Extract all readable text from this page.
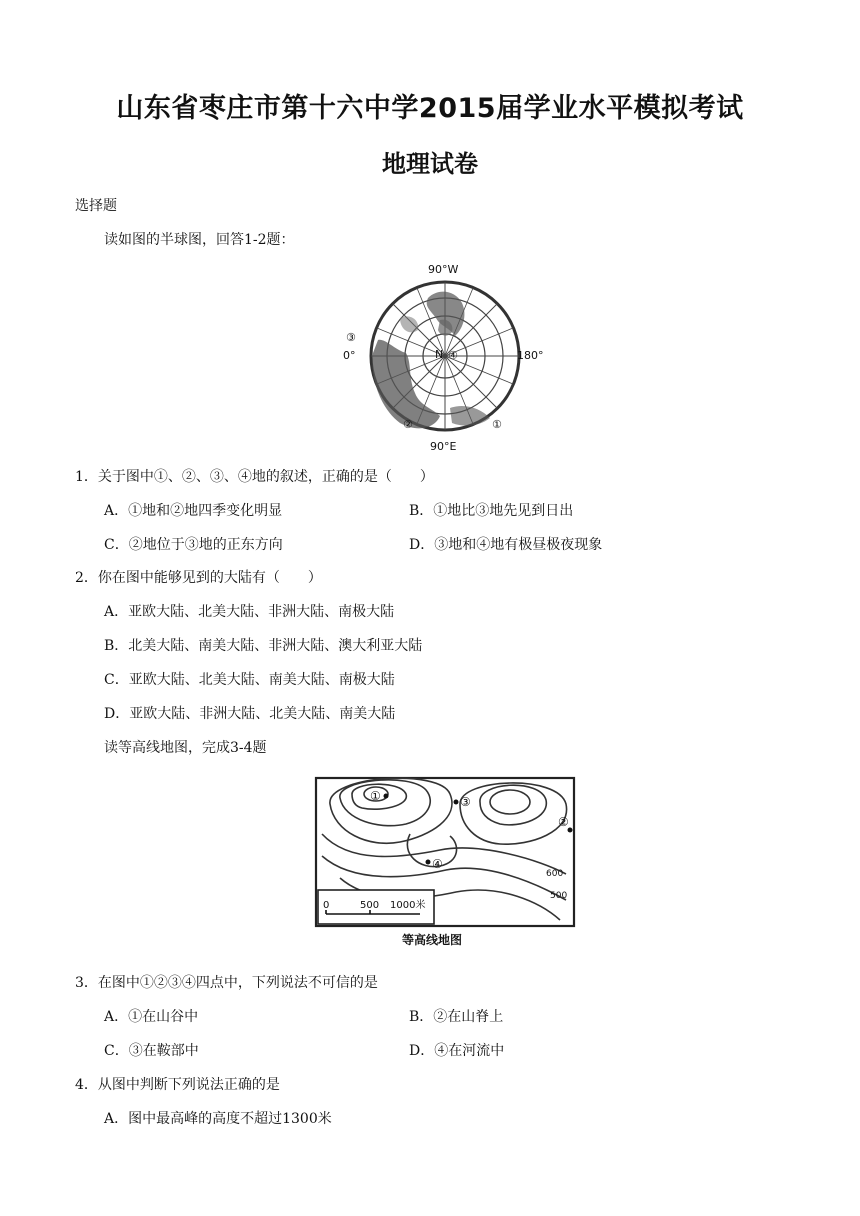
山东省枣庄市第十六中学2015届学业水平模拟考试
地理试卷
选择题
读如图的半球图，回答1-2题：
90°W
0°	180°
90°E
③
②	①
④
N
1．关于图中①、②、③、④地的叙述，正确的是（　　）
A．①地和②地四季变化明显	B．①地比③地先见到日出
C．②地位于③地的正东方向	D．③地和④地有极昼极夜现象
2．你在图中能够见到的大陆有（　　）
A．亚欧大陆、北美大陆、非洲大陆、南极大陆
B．北美大陆、南美大陆、非洲大陆、澳大利亚大陆
C．亚欧大陆、北美大陆、南美大陆、南极大陆
D．亚欧大陆、非洲大陆、北美大陆、南美大陆
读等高线地图，完成3-4题
①	③
④
②
600
500
0	500 1000米
等高线地图
3．在图中①②③④四点中，下列说法不可信的是
A．①在山谷中	B．②在山脊上
C．③在鞍部中	D．④在河流中
4．从图中判断下列说法正确的是
A．图中最高峰的高度不超过1300米
